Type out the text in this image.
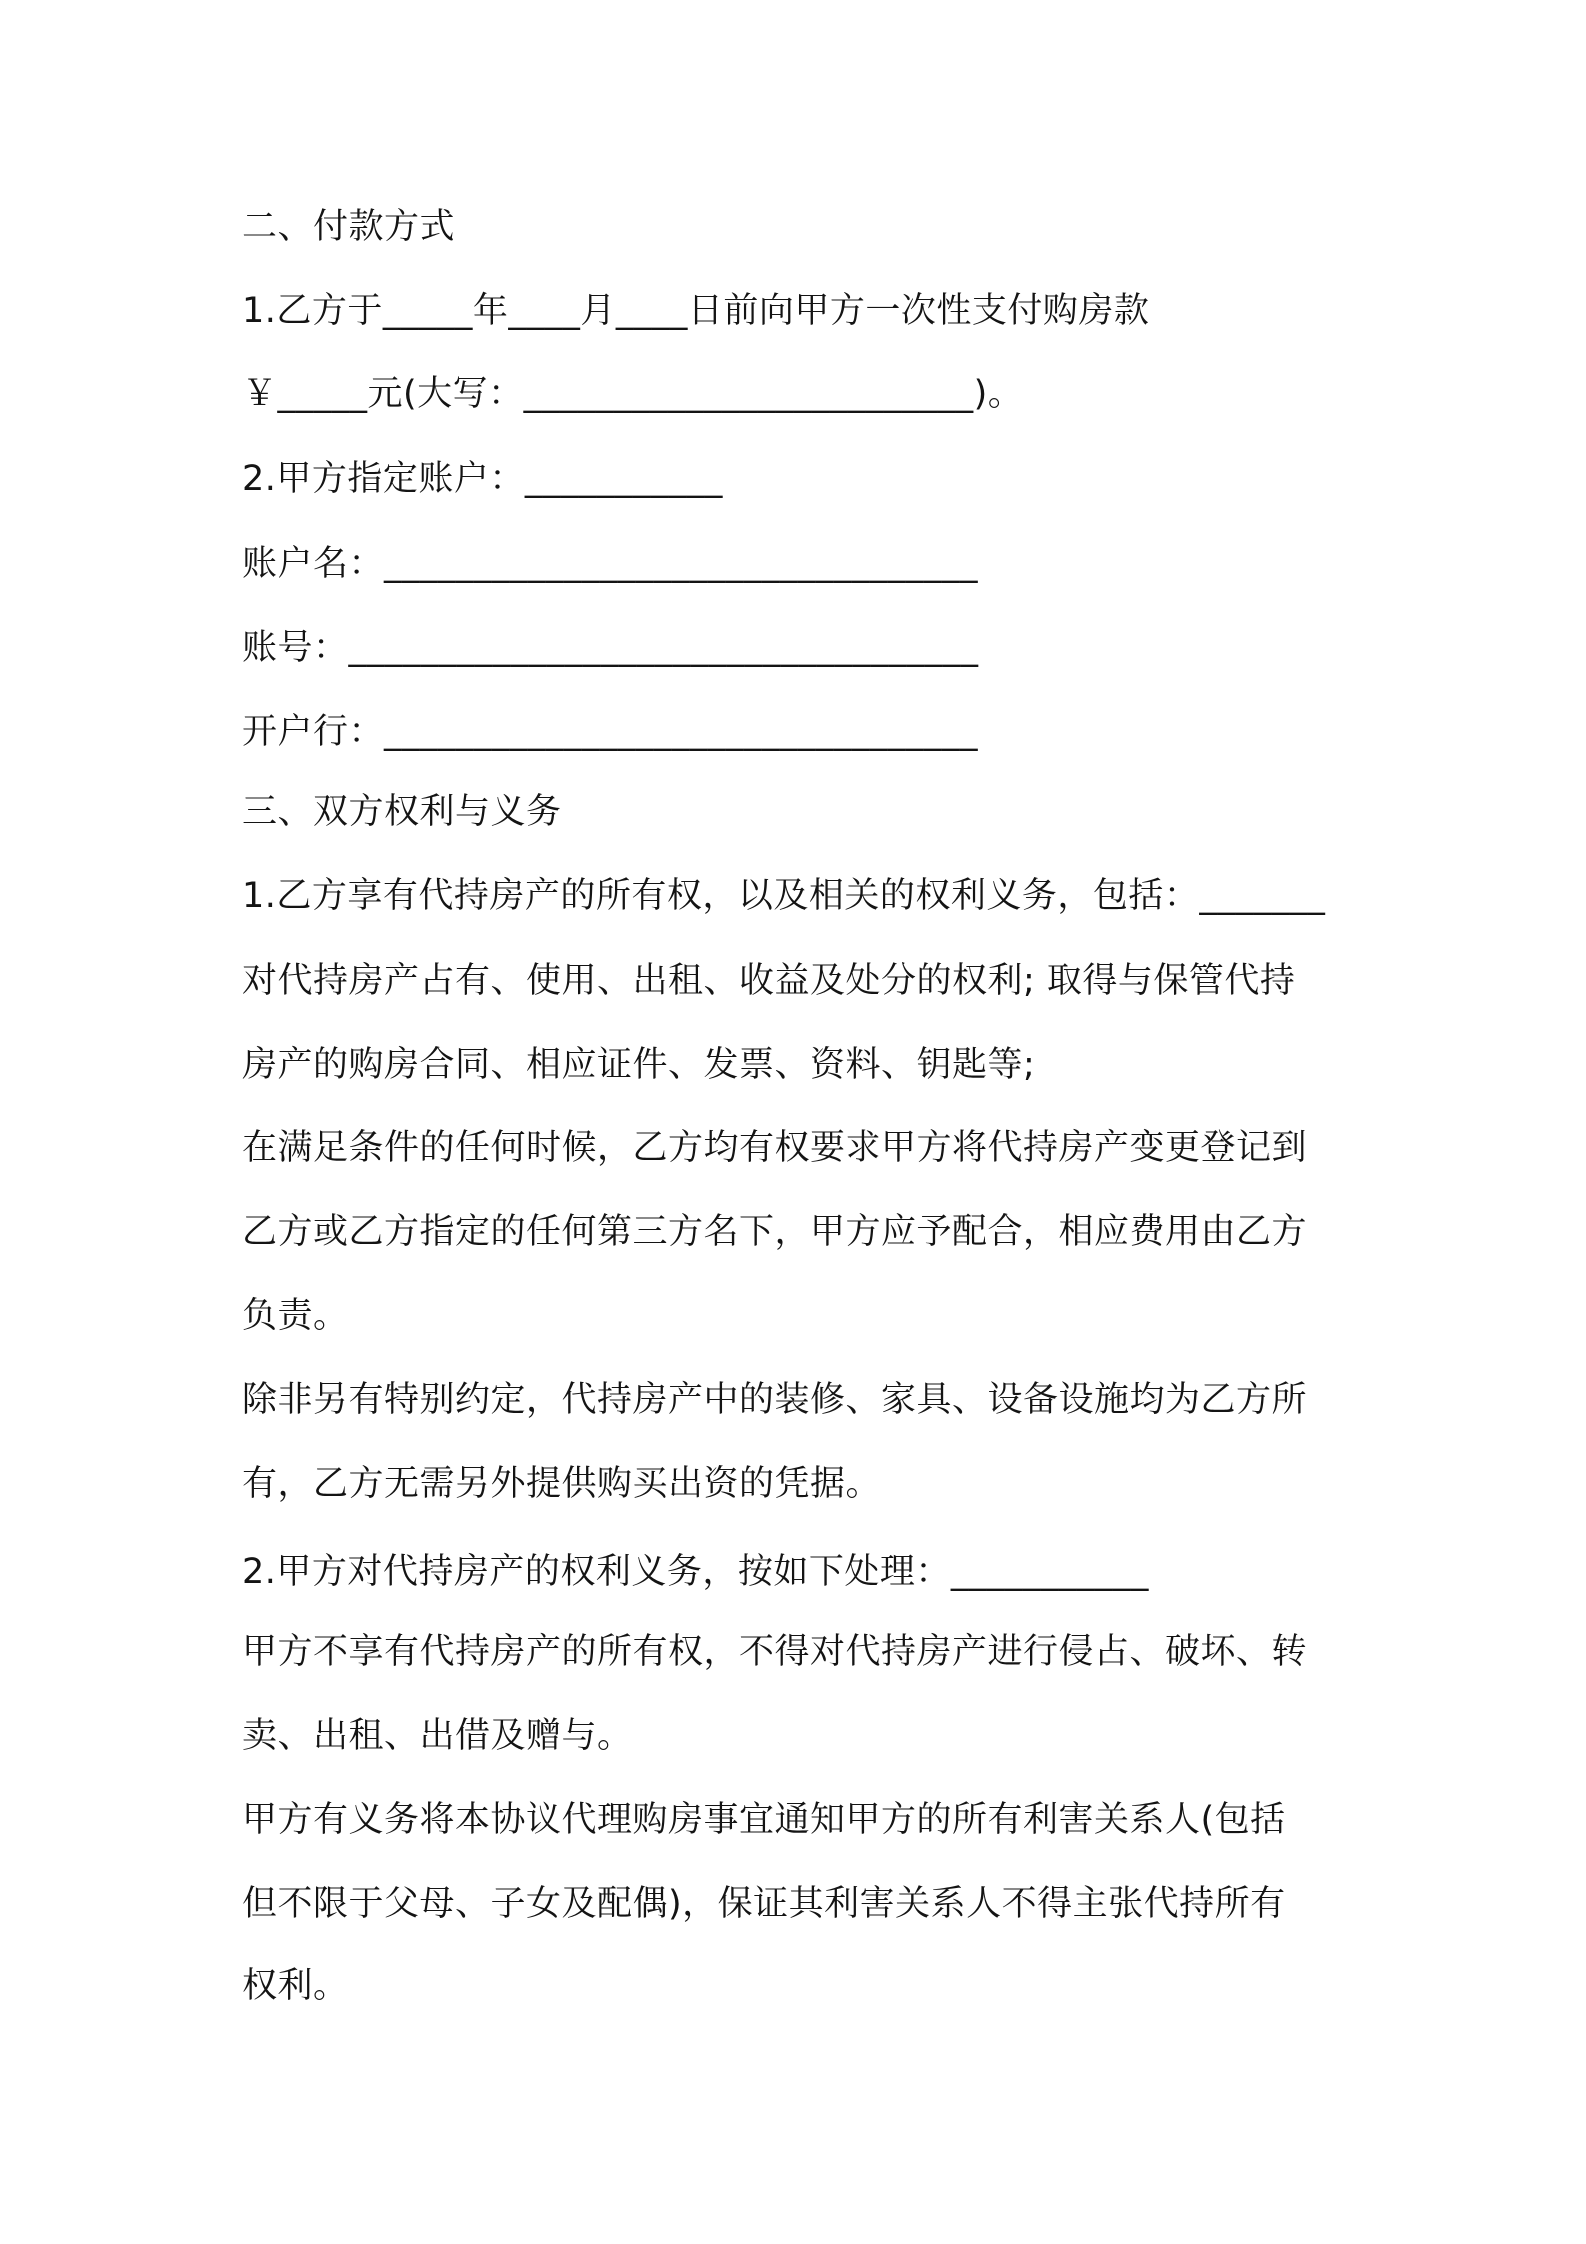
二、付款方式
1.乙方于_____年____月____日前向甲方一次性支付购房款
￥_____元(大写：_________________________)。
2.甲方指定账户：___________
账户名：_________________________________
账号：___________________________________
开户行：_________________________________
三、双方权利与义务
1.乙方享有代持房产的所有权，以及相关的权利义务，包括：_______
对代持房产占有、使用、出租、收益及处分的权利; 取得与保管代持
房产的购房合同、相应证件、发票、资料、钥匙等;
在满足条件的任何时候，乙方均有权要求甲方将代持房产变更登记到
乙方或乙方指定的任何第三方名下，甲方应予配合，相应费用由乙方
负责。
除非另有特别约定，代持房产中的装修、家具、设备设施均为乙方所
有，乙方无需另外提供购买出资的凭据。
2.甲方对代持房产的权利义务，按如下处理：___________
甲方不享有代持房产的所有权，不得对代持房产进行侵占、破坏、转
卖、出租、出借及赠与。
甲方有义务将本协议代理购房事宜通知甲方的所有利害关系人(包括
但不限于父母、子女及配偶)，保证其利害关系人不得主张代持所有
权利。
